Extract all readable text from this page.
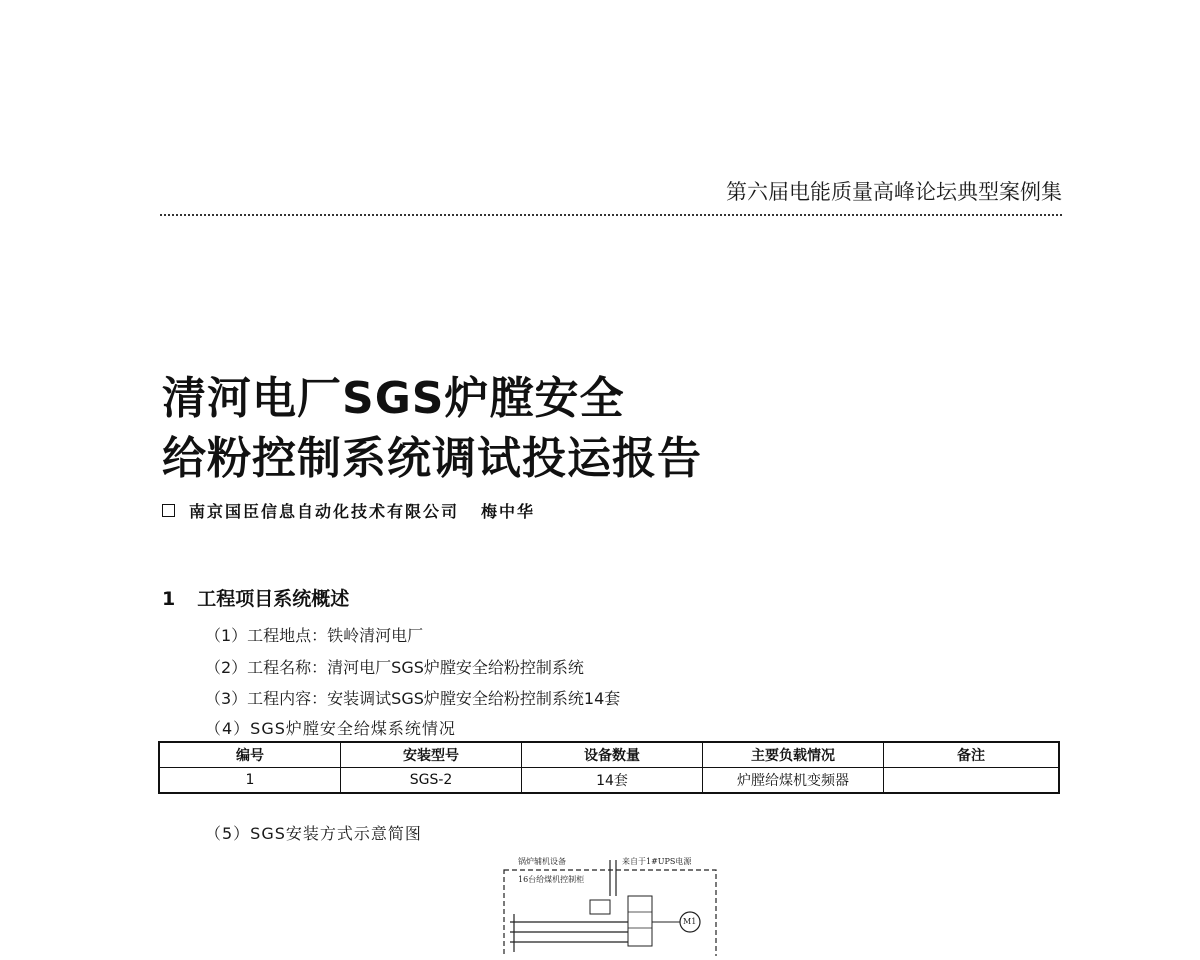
第六届电能质量高峰论坛典型案例集
清河电厂SGS炉膛安全
给粉控制系统调试投运报告
南京国臣信息自动化技术有限公司 梅中华
1 工程项目系统概述
（1）工程地点：铁岭清河电厂
（2）工程名称：清河电厂SGS炉膛安全给粉控制系统
（3）工程内容：安装调试SGS炉膛安全给粉控制系统14套
（4）SGS炉膛安全给煤系统情况
编号	安装型号	设备数量	主要负载情况	备注
1	SGS-2	14套	炉膛给煤机变频器	
（5）SGS安装方式示意简图
锅炉辅机设备	来自于1#UPS电源
16台给煤机控制柜
M1
